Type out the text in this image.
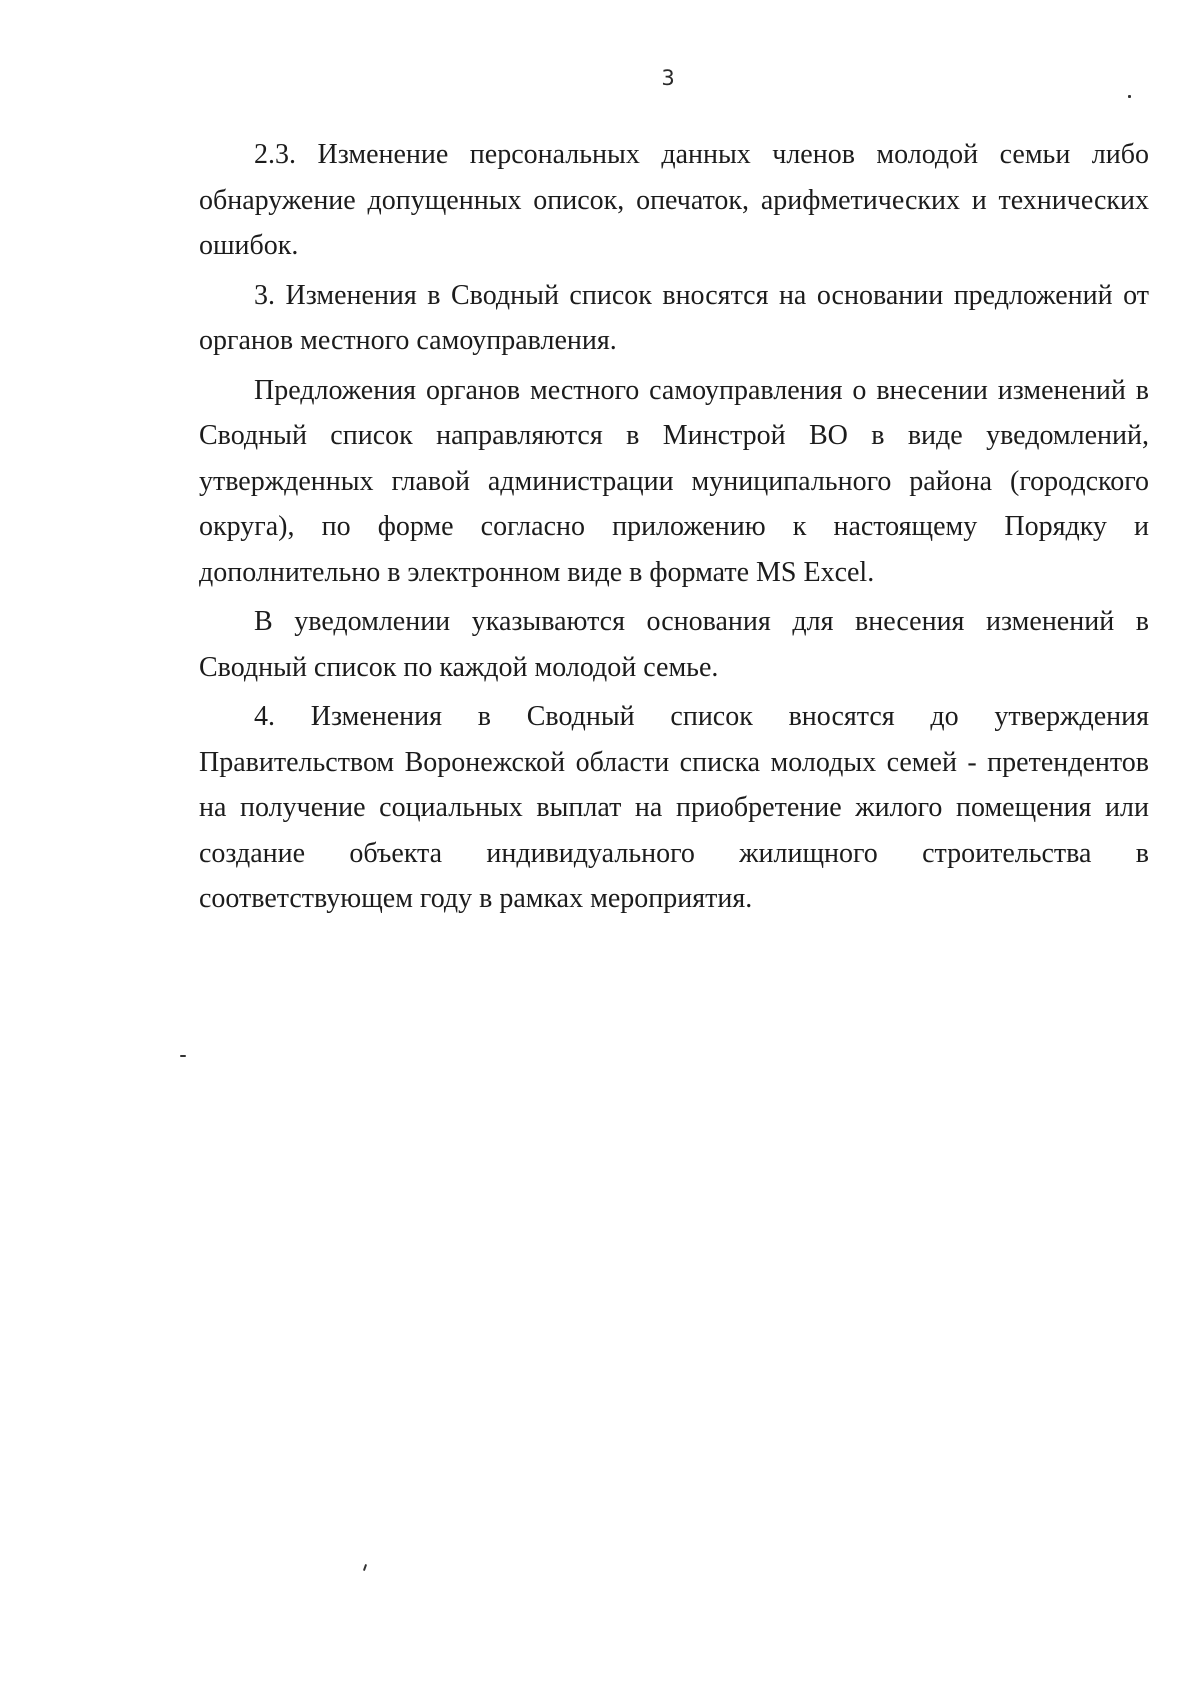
3

2.3. Изменение персональных данных членов молодой семьи либо обнаружение допущенных описок, опечаток, арифметических и технических ошибок.

3. Изменения в Сводный список вносятся на основании предложений от органов местного самоуправления.

Предложения органов местного самоуправления о внесении изменений в Сводный список направляются в Минстрой ВО в виде уведомлений, утвержденных главой администрации муниципального района (городского округа), по форме согласно приложению к настоящему Порядку и дополнительно в электронном виде в формате MS Excel.

В уведомлении указываются основания для внесения изменений в Сводный список по каждой молодой семье.

4. Изменения в Сводный список вносятся до утверждения Правительством Воронежской области списка молодых семей - претендентов на получение социальных выплат на приобретение жилого помещения или создание объекта индивидуального жилищного строительства в соответствующем году в рамках мероприятия.
